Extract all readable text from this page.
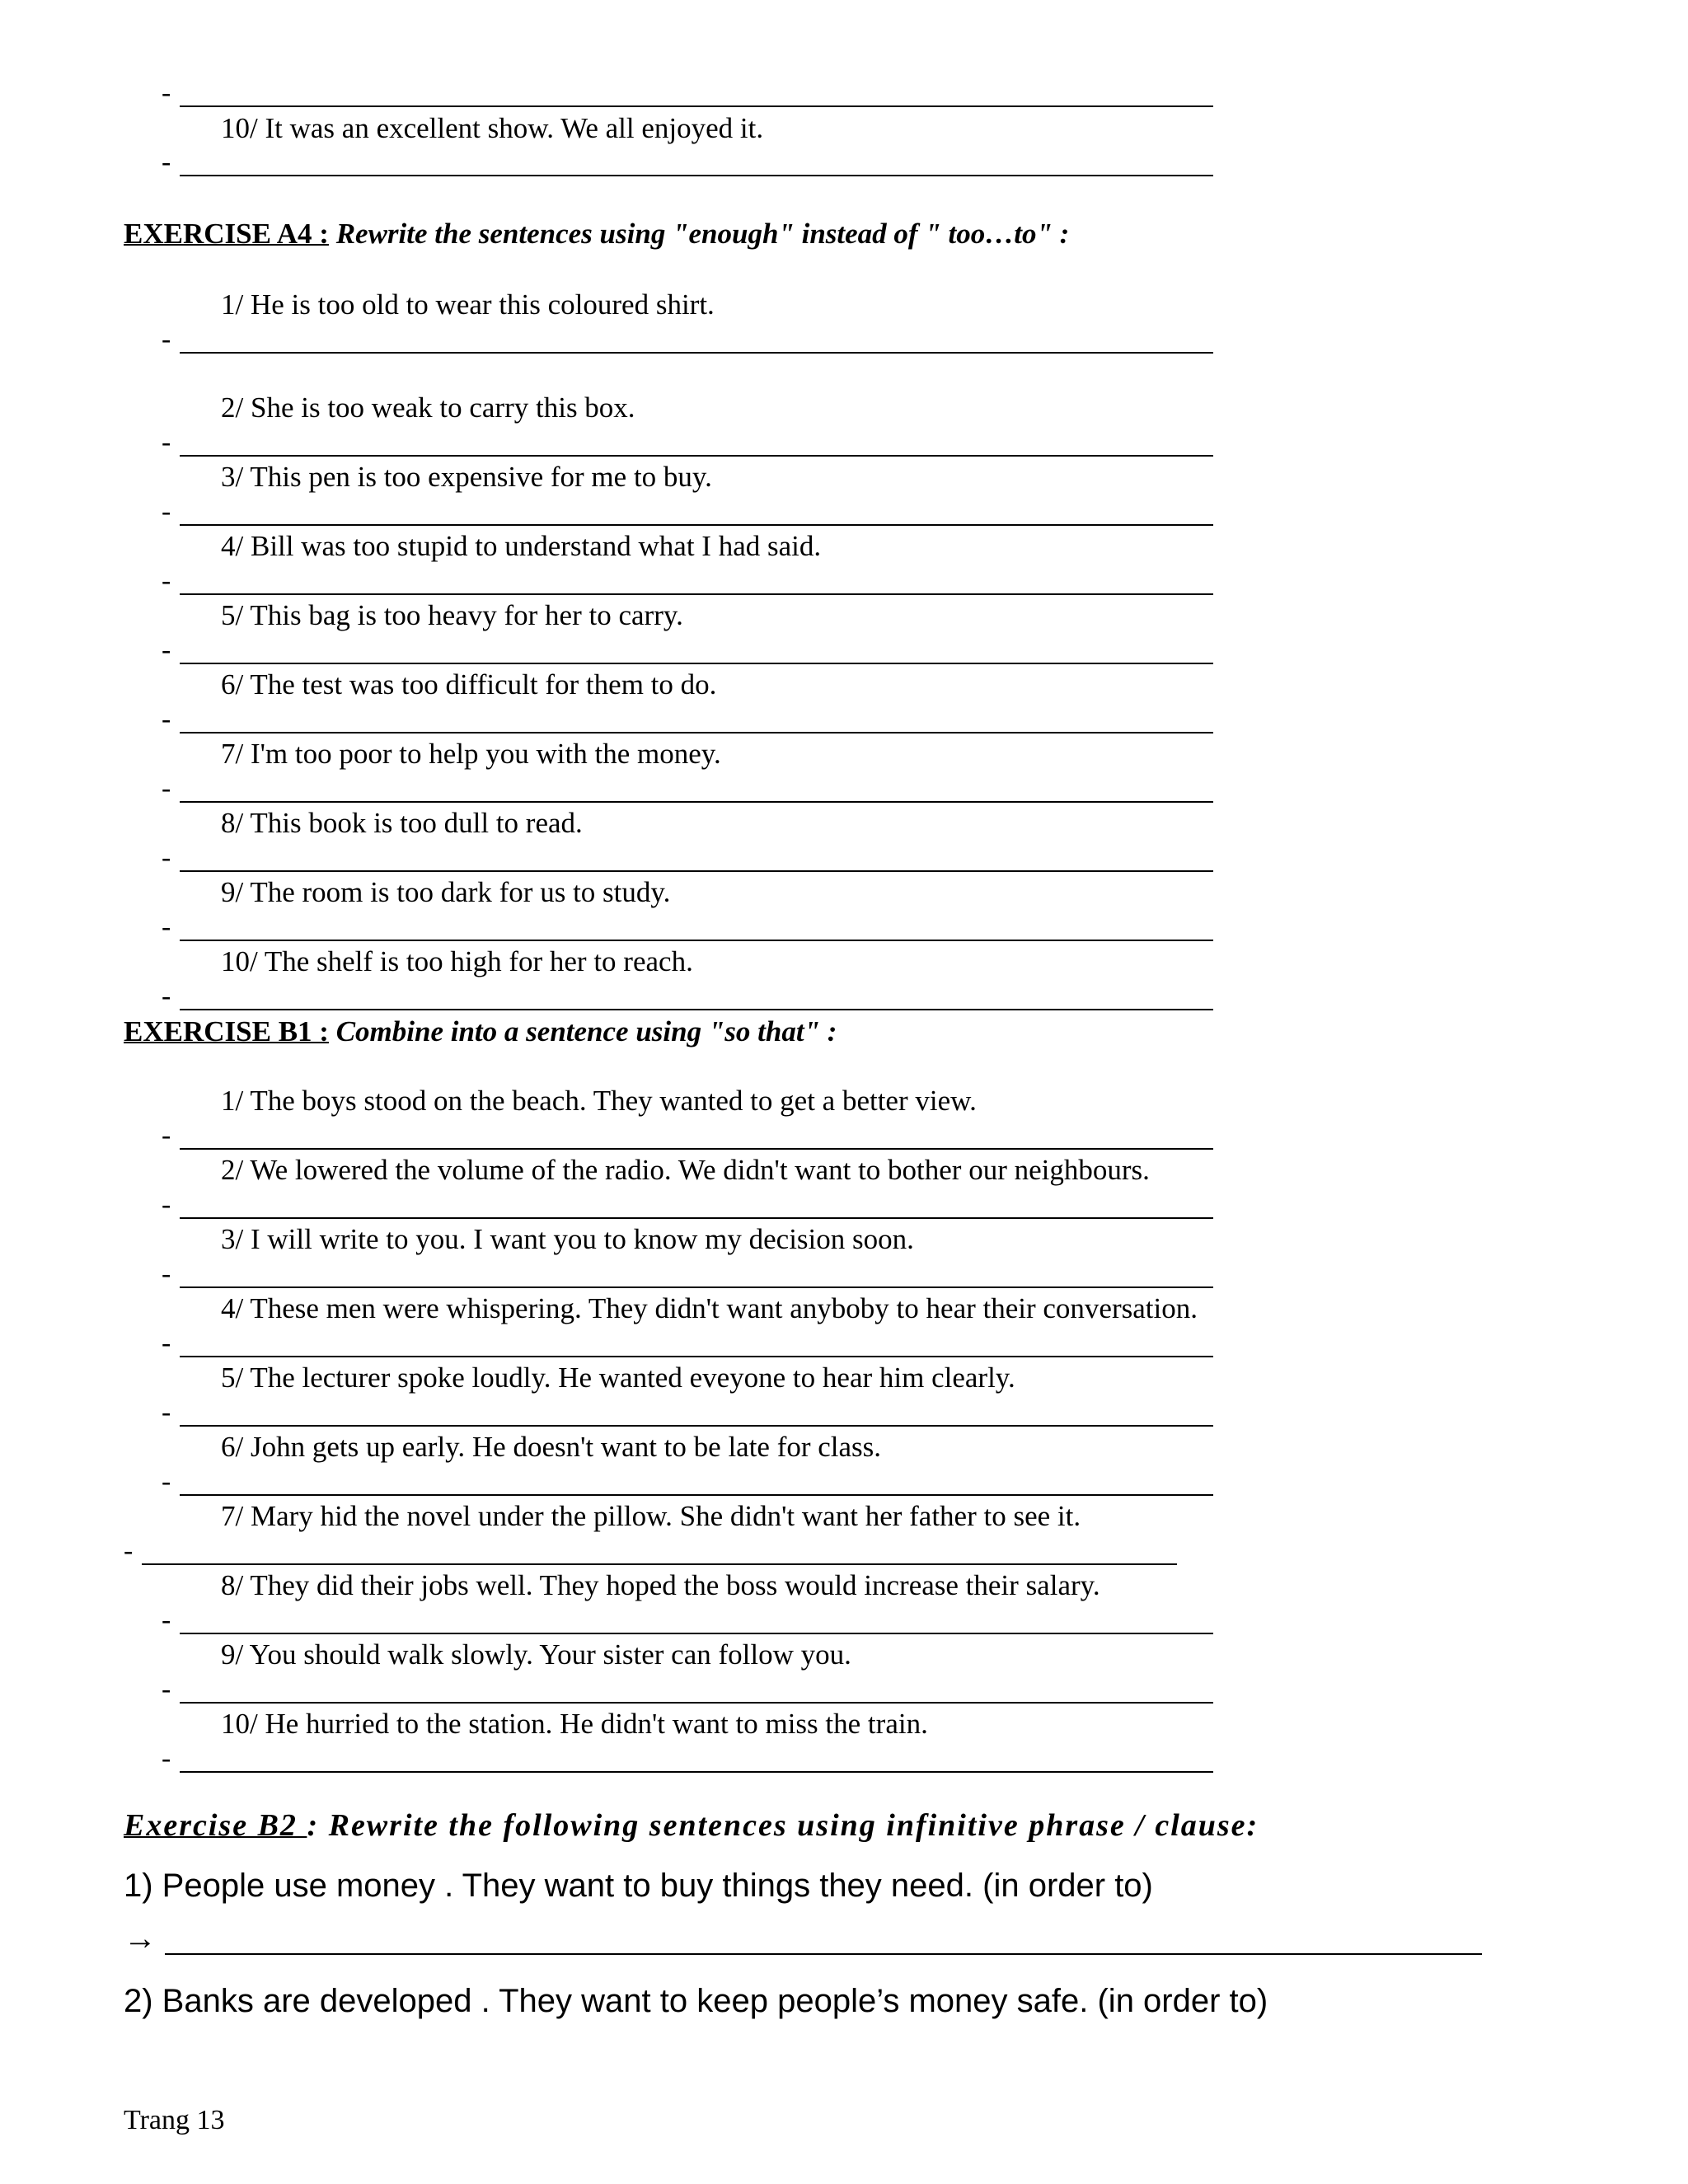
-
10/ It was an excellent show. We all enjoyed it.
-
EXERCISE A4 : Rewrite the sentences using "enough" instead of " too…to" :
1/ He is too old to wear this coloured shirt.
-
2/ She is too weak to carry this box.
-
3/ This pen is too expensive for me to buy.
-
4/ Bill was too stupid to understand what I had said.
-
5/ This bag is too heavy for her to carry.
-
6/ The test was too difficult for them to do.
-
7/ I'm too poor to help you with the money.
-
8/ This book is too dull to read.
-
9/ The room is too dark for us to study.
-
10/ The shelf is too high for her to reach.
-
EXERCISE B1 : Combine into a sentence using "so that" :
1/ The boys stood on the beach. They wanted to get a better view.
-
2/ We lowered the volume of the radio. We didn't want to bother our neighbours.
-
3/ I will write to you. I want you to know my decision soon.
-
4/ These men were whispering. They didn't want anyboby to hear their conversation.
-
5/ The lecturer spoke loudly. He wanted eveyone to hear him clearly.
-
6/ John gets up early. He doesn't want to be late for class.
-
7/ Mary hid the novel under the pillow. She didn't want her father to see it.
-
8/ They did their jobs well. They hoped the boss would increase their salary.
-
9/ You should walk slowly. Your sister can follow you.
-
10/ He hurried to the station. He didn't want to miss the train.
-
Exercise B2 : Rewrite the following sentences using infinitive phrase / clause:
1) People use money . They want to buy things they need. (in order to)
→
2) Banks are developed . They want to keep people’s money safe. (in order to)
Trang 13
